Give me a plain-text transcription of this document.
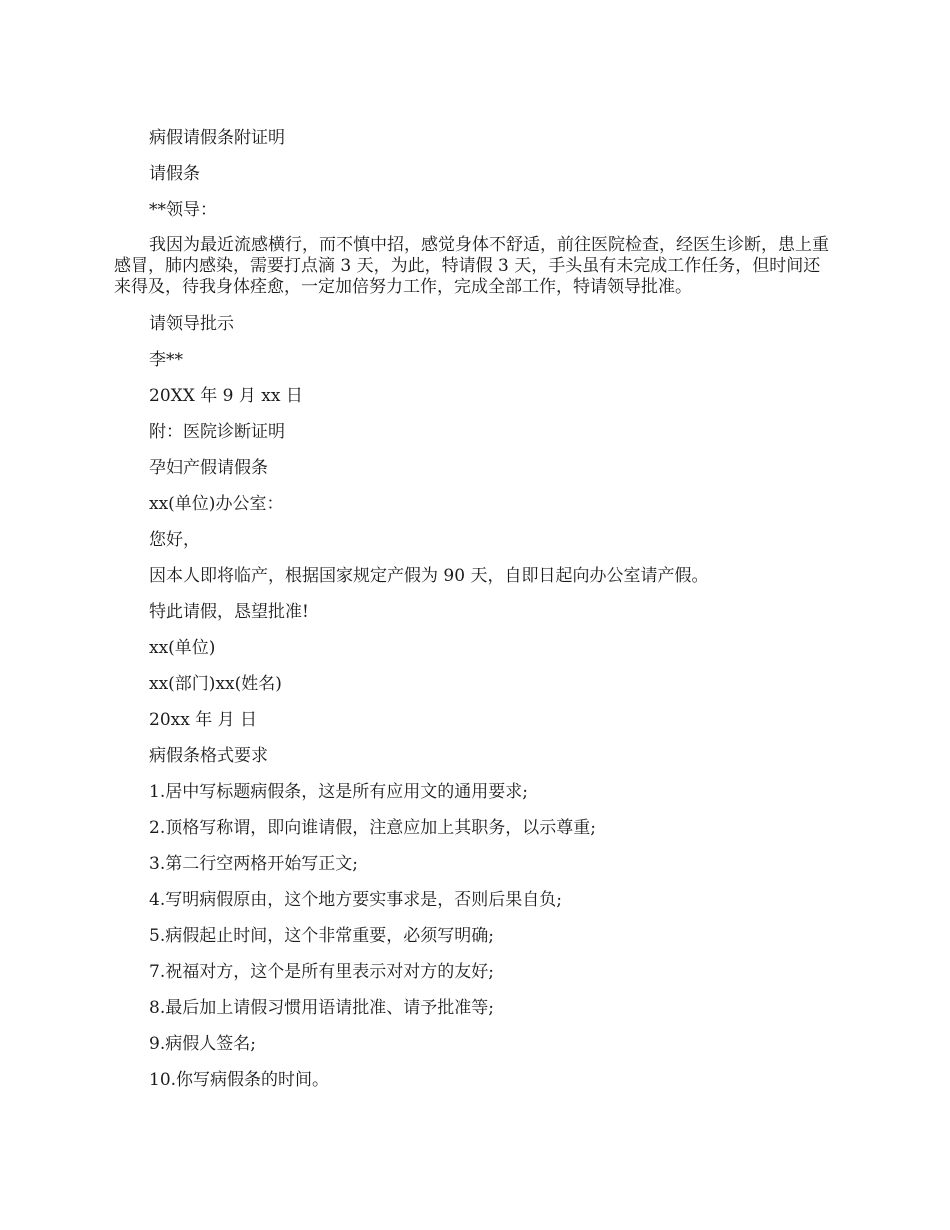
病假请假条附证明

请假条

**领导：

我因为最近流感横行，而不慎中招，感觉身体不舒适，前往医院检查，经医生诊断，患上重感冒，肺内感染，需要打点滴 3 天，为此，特请假 3 天，手头虽有未完成工作任务，但时间还来得及，待我身体痊愈，一定加倍努力工作，完成全部工作，特请领导批准。

请领导批示

李**

20XX 年 9 月 xx 日

附：医院诊断证明

孕妇产假请假条

xx(单位)办公室：

您好，

因本人即将临产，根据国家规定产假为 90 天，自即日起向办公室请产假。

特此请假，恳望批准!

xx(单位)

xx(部门)xx(姓名)

20xx 年 月 日

病假条格式要求

1.居中写标题病假条，这是所有应用文的通用要求;

2.顶格写称谓，即向谁请假，注意应加上其职务，以示尊重;

3.第二行空两格开始写正文;

4.写明病假原由，这个地方要实事求是，否则后果自负;

5.病假起止时间，这个非常重要，必须写明确;

7.祝福对方，这个是所有里表示对对方的友好;

8.最后加上请假习惯用语请批准、请予批准等;

9.病假人签名;

10.你写病假条的时间。
